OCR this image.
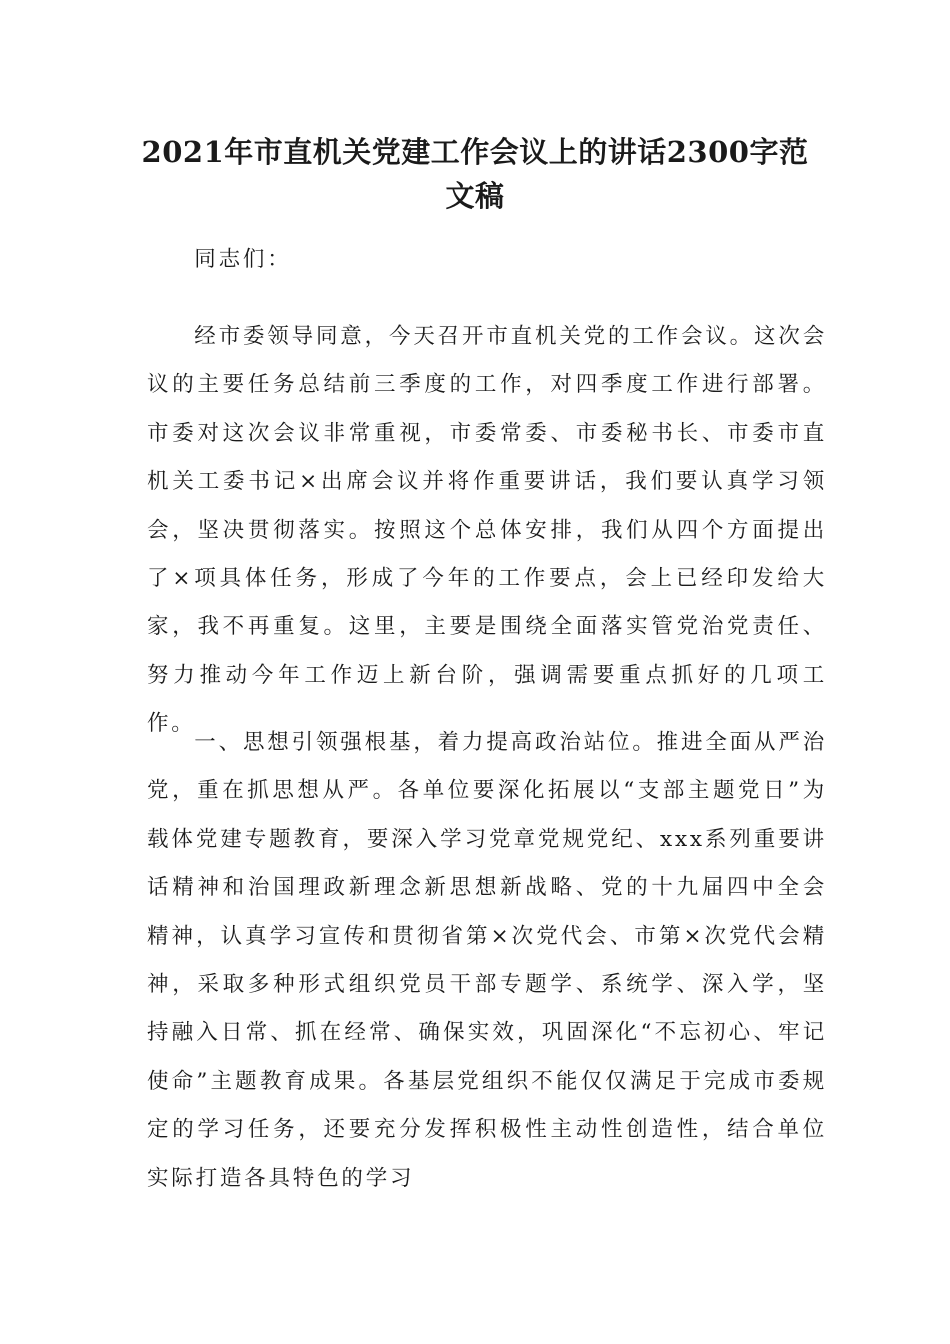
2021年市直机关党建工作会议上的讲话2300字范文稿

同志们：

经市委领导同意，今天召开市直机关党的工作会议。这次会议的主要任务总结前三季度的工作，对四季度工作进行部署。市委对这次会议非常重视，市委常委、市委秘书长、市委市直机关工委书记×出席会议并将作重要讲话，我们要认真学习领会，坚决贯彻落实。按照这个总体安排，我们从四个方面提出了×项具体任务，形成了今年的工作要点，会上已经印发给大家，我不再重复。这里，主要是围绕全面落实管党治党责任、努力推动今年工作迈上新台阶，强调需要重点抓好的几项工作。

一、思想引领强根基，着力提高政治站位。推进全面从严治党，重在抓思想从严。各单位要深化拓展以“支部主题党日”为载体党建专题教育，要深入学习党章党规党纪、xxx系列重要讲话精神和治国理政新理念新思想新战略、党的十九届四中全会精神，认真学习宣传和贯彻省第×次党代会、市第×次党代会精神，采取多种形式组织党员干部专题学、系统学、深入学，坚持融入日常、抓在经常、确保实效，巩固深化“不忘初心、牢记使命”主题教育成果。各基层党组织不能仅仅满足于完成市委规定的学习任务，还要充分发挥积极性主动性创造性，结合单位实际打造各具特色的学习
